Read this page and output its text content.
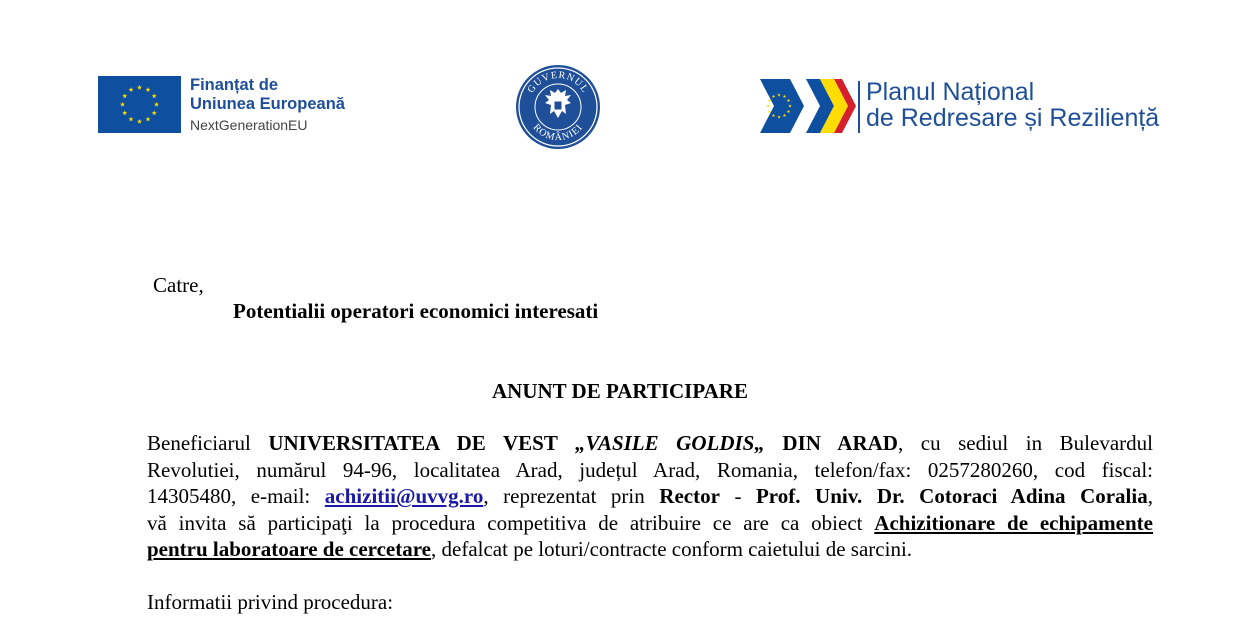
Finanțat de
Uniunea Europeană
NextGenerationEU
GUVERNUL
ROMÂNIEI
Planul Național
de Redresare și Reziliență
Catre,
Potentialii operatori economici interesati
ANUNT DE PARTICIPARE
Beneficiarul UNIVERSITATEA DE VEST „VASILE GOLDIS„ DIN ARAD, cu sediul in Bulevardul
Revolutiei, numărul 94-96, localitatea Arad, județul Arad, Romania, telefon/fax: 0257280260, cod fiscal:
14305480, e-mail: achizitii@uvvg.ro, reprezentat prin Rector - Prof. Univ. Dr. Cotoraci Adina Coralia,
vă invita să participaţi la procedura competitiva de atribuire ce are ca obiect Achizitionare de echipamente
pentru laboratoare de cercetare, defalcat pe loturi/contracte conform caietului de sarcini.
Informatii privind procedura:
